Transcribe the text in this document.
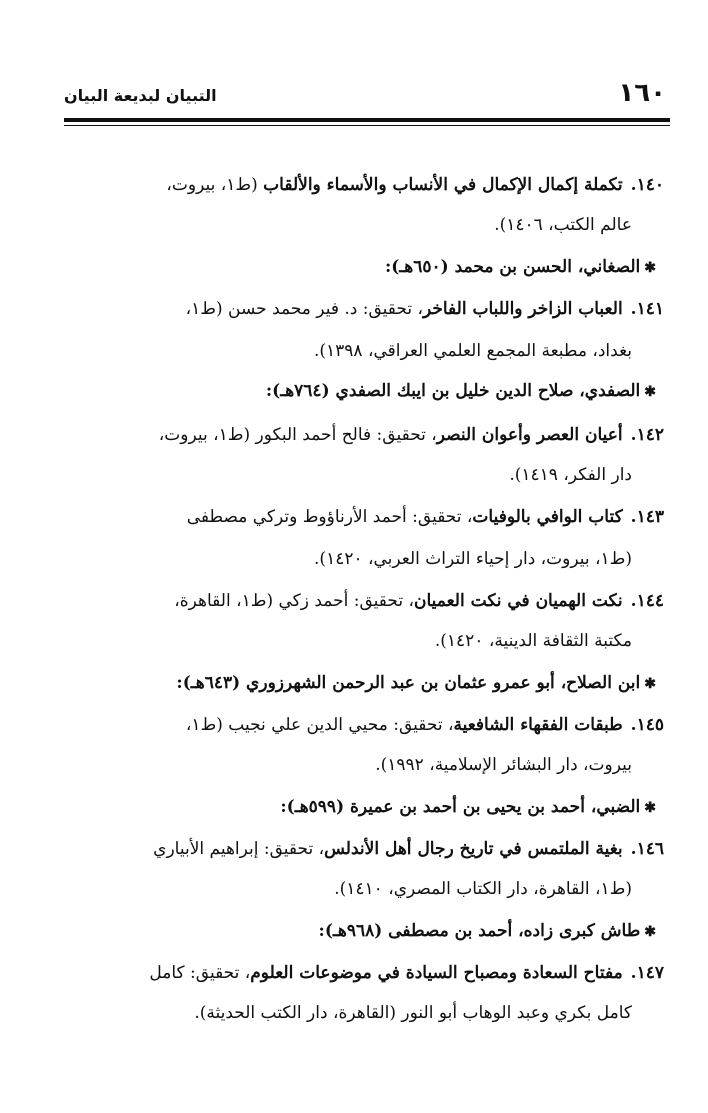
١٦٠
التبيان لبديعة البيان
١٤٠.تكملة إكمال الإكمال في الأنساب والأسماء والألقاب (ط١، بيروت،
عالم الكتب، ١٤٠٦).
✱الصغاني، الحسن بن محمد (٦٥٠هـ):
١٤١.العباب الزاخر واللباب الفاخر، تحقيق: د. فير محمد حسن (ط١،
بغداد، مطبعة المجمع العلمي العراقي، ١٣٩٨).
✱الصفدي، صلاح الدين خليل بن ايبك الصفدي (٧٦٤هـ):
١٤٢.أعيان العصر وأعوان النصر، تحقيق: فالح أحمد البكور (ط١، بيروت،
دار الفكر، ١٤١٩).
١٤٣.كتاب الوافي بالوفيات، تحقيق: أحمد الأرناؤوط وتركي مصطفى
(ط١، بيروت، دار إحياء التراث العربي، ١٤٢٠).
١٤٤.نكت الهميان في نكت العميان، تحقيق: أحمد زكي (ط١، القاهرة،
مكتبة الثقافة الدينية، ١٤٢٠).
✱ابن الصلاح، أبو عمرو عثمان بن عبد الرحمن الشهرزوري (٦٤٣هـ):
١٤٥.طبقات الفقهاء الشافعية، تحقيق: محيي الدين علي نجيب (ط١،
بيروت، دار البشائر الإسلامية، ١٩٩٢).
✱الضبي، أحمد بن يحيى بن أحمد بن عميرة (٥٩٩هـ):
١٤٦.بغية الملتمس في تاريخ رجال أهل الأندلس، تحقيق: إبراهيم الأبياري
(ط١، القاهرة، دار الكتاب المصري، ١٤١٠).
✱طاش كبرى زاده، أحمد بن مصطفى (٩٦٨هـ):
١٤٧.مفتاح السعادة ومصباح السيادة في موضوعات العلوم، تحقيق: كامل
كامل بكري وعبد الوهاب أبو النور (القاهرة، دار الكتب الحديثة).
